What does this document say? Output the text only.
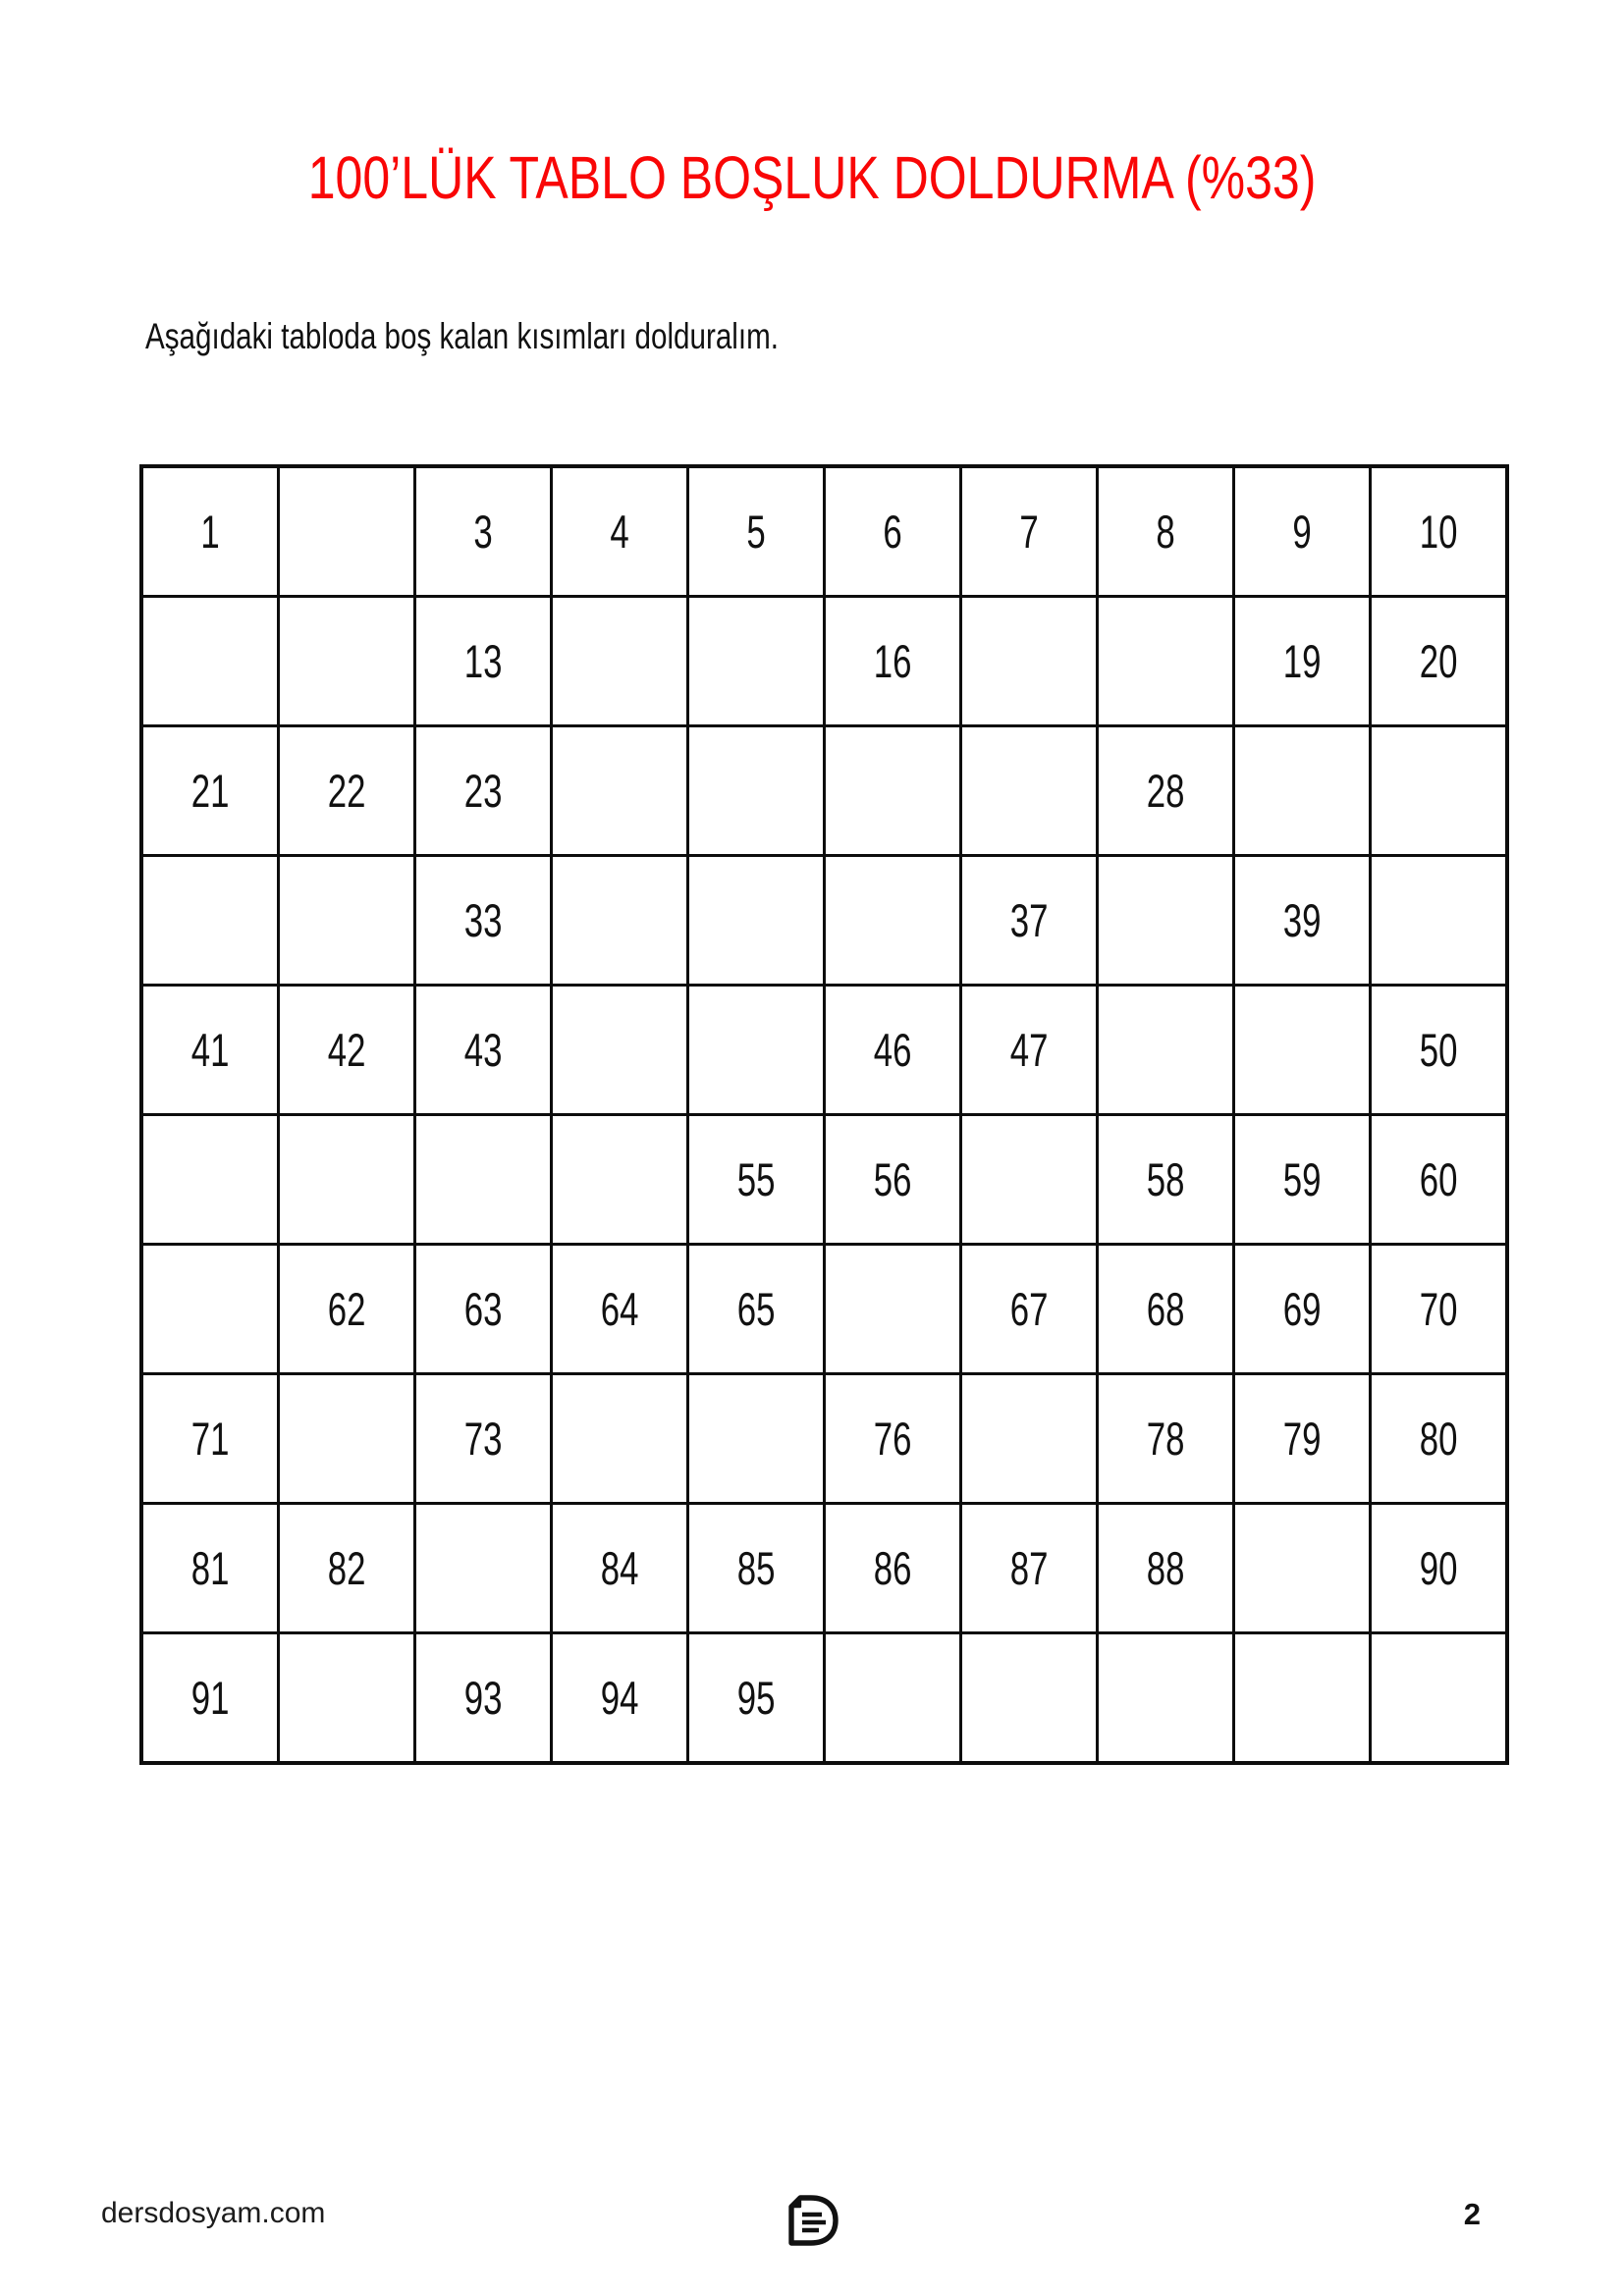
100’LÜK TABLO BOŞLUK DOLDURMA (%33)
Aşağıdaki tabloda boş kalan kısımları dolduralım.
1		3	4	5	6	7	8	9	10
		13			16			19	20
21	22	23					28		
		33				37		39	
41	42	43			46	47			50
				55	56		58	59	60
	62	63	64	65		67	68	69	70
71		73			76		78	79	80
81	82		84	85	86	87	88		90
91		93	94	95					
dersdosyam.com	2
